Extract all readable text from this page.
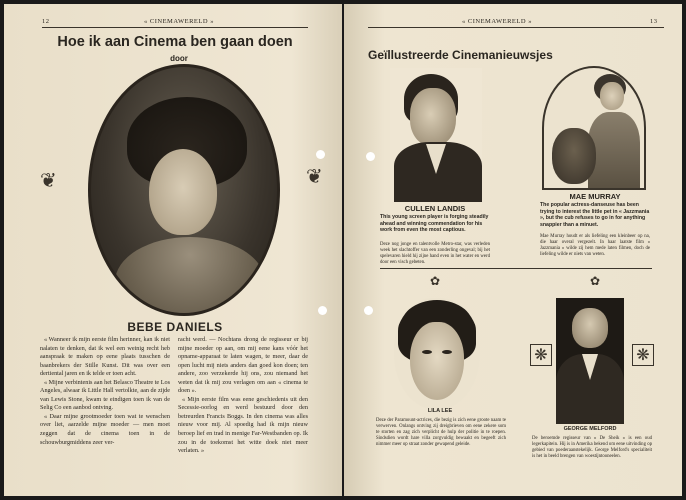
12	« CINEMAWERELD »
Hoe ik aan Cinema ben gaan doen
door
❦	❦
BEBE DANIELS

« Wanneer ik mijn eerste film herinner, kan ik niet nalaten te denken, dat ik wel een weinig recht heb aanspraak te maken op eene plaats tusschen de baanbrekers der Stille Kunst. Dit was over een dertiental jaren en ik telde er toen acht.

« Mijne verbintenis aan het Belasco Theatre te Los Angeles, alwaar ik Little Hall vertolkte, aan de zijde van Lewis Stone, kwam te eindigen toen ik van de Selig Co een aanbod ontving.

« Daar mijne grootmoeder toen wat te wenschen over liet, aarzelde mijne moeder — men moet zeggen dat de cinema toen in de schouwburgmiddens zeer ver-

racht werd. — Nochtans drong de regisseur er bij mijne moeder op aan, om mij eene kans vóór het opname-apparaat te laten wagen, te meer, daar de open lucht mij niets anders dan goed kon doen; ten andere, zoo verzekerde hij ons, zou niemand het weten dat ik mij zou verlagen om aan « cinema te doen ».

« Mijn eerste film was eene geschiedenis uit den Secessie-oorlog en werd bestuurd door den betreurden Francis Boggs. In den cinema was alles nieuw voor mij. Al spoedig had ik mijn nieuw beroep lief en trad in menige Far-Westbanden op. Ik zou in de toekomst het witte doek niet meer verlaten. »

« CINEMAWERELD »	13
Geïllustreerde Cinemanieuwsjes
CULLEN LANDIS
This young screen player is forging steadily ahead and winning commendation for his work from even the most captious.
Deze nog jonge en talentvolle Metro-star, was verleden week het slachtoffer van een zonderling ongeval; bij het spelevaren hield hij zijne hand even in het water en werd door een visch gebeten.
MAE MURRAY
The popular actress-danseuse has been trying to interest the little pet in « Jazzmania », but the cub refuses to go in for anything snappier than a minuet.
Mae Murray houdt er als liefeling een kleinbeer op na, die haar overal vergezelt. In haar laatste film « Jazzmania » wilde zij hem mede laten filmen, doch de liefeling wilde er niets van weten.
✿	✿
LILA LEE
Deze der Paramount-actrices, die bezig is zich eene groote naam te verwerven. Onlangs ontving zij dreigbrieven om eene zekere som te storten en zag zich verplicht de hulp der politie in te roepen. Sindsdien wordt hare villa zorgvuldig bewaakt en begeeft zich nimmer meer op straat zonder gewapend geleide.
❋	❋
GEORGE MELFORD
De beroemde regisseur van « De Sheik » is een oud legerkapitein. Hij is in Amerika bekend om eene uitvinding op gebied van poederaanstekelijk. George Melford's specialiteit is het in beeld brengen van woestijntooneelen.
